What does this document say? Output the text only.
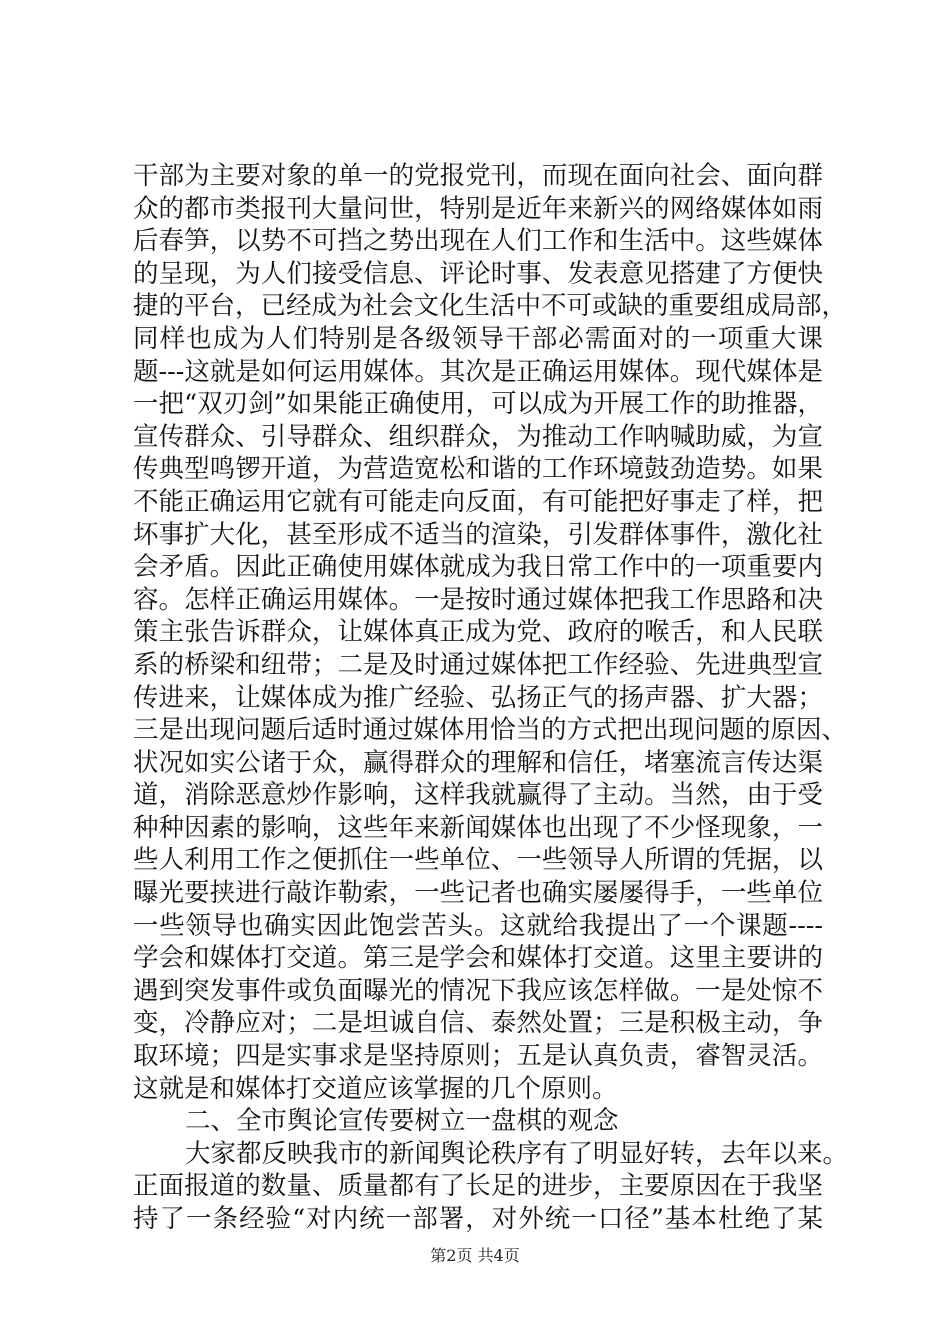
干部为主要对象的单一的党报党刊，而现在面向社会、面向群
众的都市类报刊大量问世，特别是近年来新兴的网络媒体如雨
后春笋，以势不可挡之势出现在人们工作和生活中。这些媒体
的呈现，为人们接受信息、评论时事、发表意见搭建了方便快
捷的平台，已经成为社会文化生活中不可或缺的重要组成局部，
同样也成为人们特别是各级领导干部必需面对的一项重大课
题---这就是如何运用媒体。其次是正确运用媒体。现代媒体是
一把“双刃剑”如果能正确使用，可以成为开展工作的助推器，
宣传群众、引导群众、组织群众，为推动工作呐喊助威，为宣
传典型鸣锣开道，为营造宽松和谐的工作环境鼓劲造势。如果
不能正确运用它就有可能走向反面，有可能把好事走了样，把
坏事扩大化，甚至形成不适当的渲染，引发群体事件，激化社
会矛盾。因此正确使用媒体就成为我日常工作中的一项重要内
容。怎样正确运用媒体。一是按时通过媒体把我工作思路和决
策主张告诉群众，让媒体真正成为党、政府的喉舌，和人民联
系的桥梁和纽带；二是及时通过媒体把工作经验、先进典型宣
传进来，让媒体成为推广经验、弘扬正气的扬声器、扩大器；
三是出现问题后适时通过媒体用恰当的方式把出现问题的原因、
状况如实公诸于众，赢得群众的理解和信任，堵塞流言传达渠
道，消除恶意炒作影响，这样我就赢得了主动。当然，由于受
种种因素的影响，这些年来新闻媒体也出现了不少怪现象，一
些人利用工作之便抓住一些单位、一些领导人所谓的凭据，以
曝光要挟进行敲诈勒索，一些记者也确实屡屡得手，一些单位
一些领导也确实因此饱尝苦头。这就给我提出了一个课题----
学会和媒体打交道。第三是学会和媒体打交道。这里主要讲的
遇到突发事件或负面曝光的情况下我应该怎样做。一是处惊不
变，冷静应对；二是坦诚自信、泰然处置；三是积极主动，争
取环境；四是实事求是坚持原则；五是认真负责，睿智灵活。
这就是和媒体打交道应该掌握的几个原则。
二、全市舆论宣传要树立一盘棋的观念
大家都反映我市的新闻舆论秩序有了明显好转，去年以来。
正面报道的数量、质量都有了长足的进步，主要原因在于我坚
持了一条经验“对内统一部署，对外统一口径”基本杜绝了某
第2页 共4页
